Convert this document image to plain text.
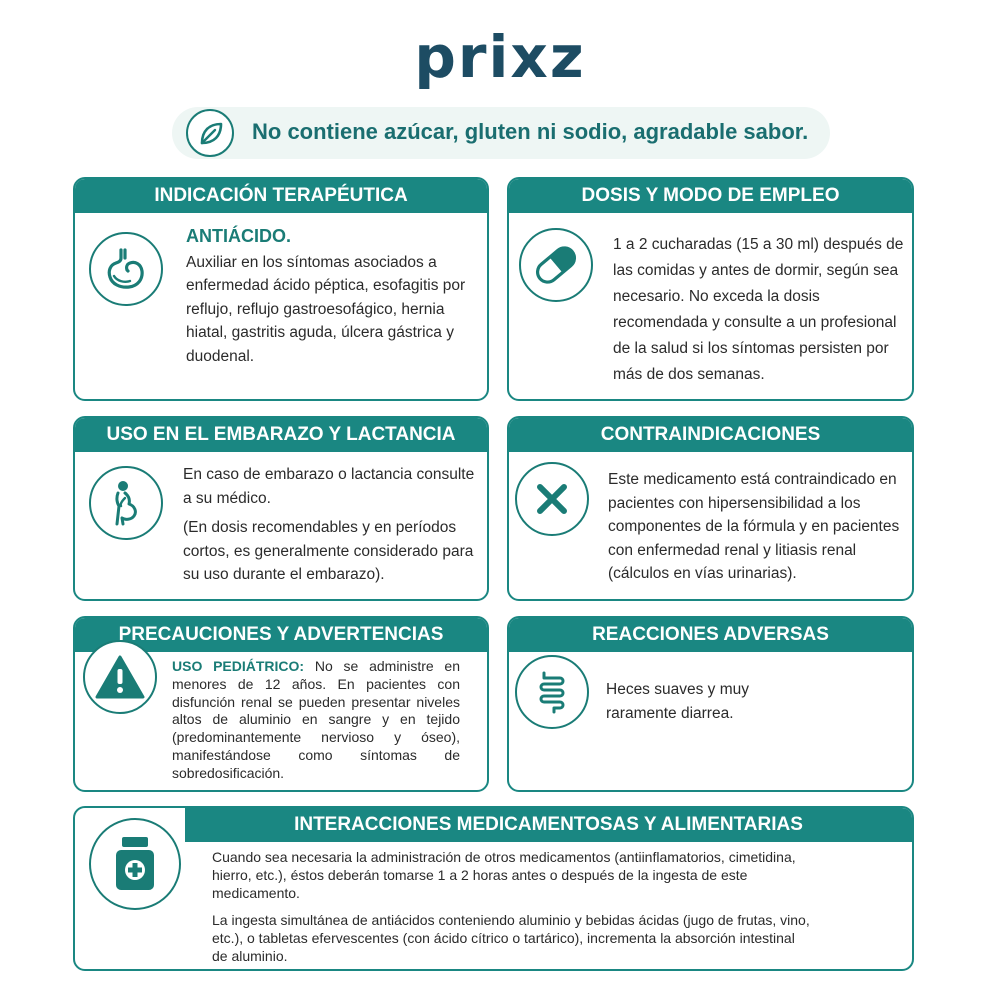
prixz
No contiene azúcar, gluten ni sodio, agradable sabor.
INDICACIÓN TERAPÉUTICA
ANTIÁCIDO.
Auxiliar en los síntomas asociados a enfermedad ácido péptica, esofagitis por reflujo, reflujo gastroesofágico, hernia hiatal, gastritis aguda, úlcera gástrica y duodenal.
DOSIS Y MODO DE EMPLEO
1 a 2 cucharadas (15 a 30 ml) después de las comidas y antes de dormir, según sea necesario. No exceda la dosis recomendada y consulte a un profesional de la salud si los síntomas persisten por más de dos semanas.
USO EN EL EMBARAZO Y LACTANCIA
En caso de embarazo o lactancia consulte a su médico.
(En dosis recomendables y en períodos cortos, es generalmente considerado para su uso durante el embarazo).
CONTRAINDICACIONES
Este medicamento está contraindicado en pacientes con hipersensibilidad a los componentes de la fórmula y en pacientes con enfermedad renal y litiasis renal (cálculos en vías urinarias).
PRECAUCIONES Y ADVERTENCIAS
USO PEDIÁTRICO: No se administre en menores de 12 años. En pacientes con disfunción renal se pueden presentar niveles altos de aluminio en sangre y en tejido (predominantemente nervioso y óseo), manifestándose como síntomas de sobredosificación.
REACCIONES ADVERSAS
Heces suaves y muy raramente diarrea.
INTERACCIONES MEDICAMENTOSAS Y ALIMENTARIAS
Cuando sea necesaria la administración de otros medicamentos (antiinflamatorios, cimetidina, hierro, etc.), éstos deberán tomarse 1 a 2 horas antes o después de la ingesta de este medicamento.
La ingesta simultánea de antiácidos conteniendo aluminio y bebidas ácidas (jugo de frutas, vino, etc.), o tabletas efervescentes (con ácido cítrico o tartárico), incrementa la absorción intestinal de aluminio.
